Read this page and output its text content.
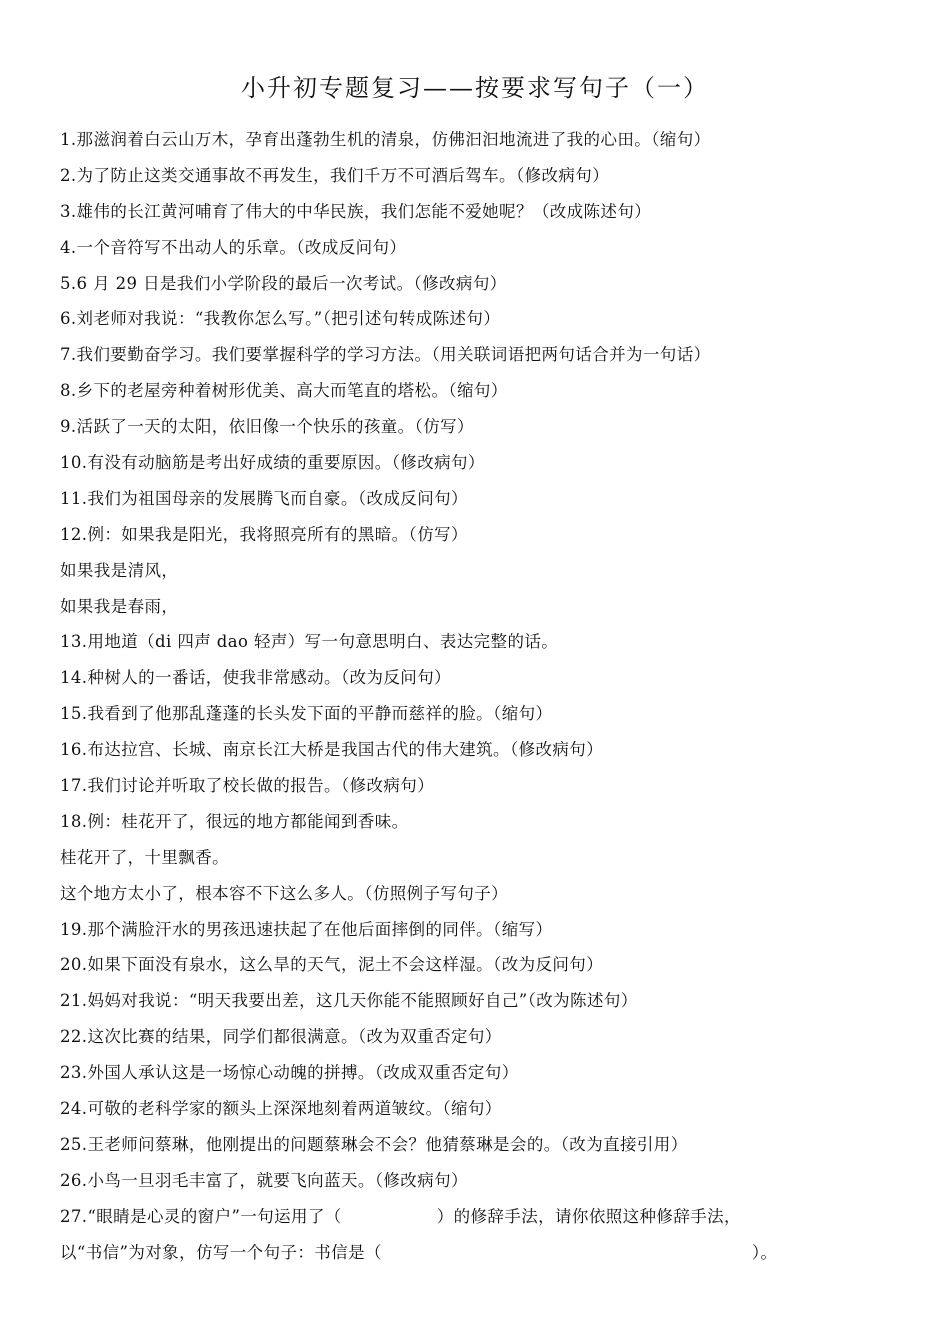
小升初专题复习——按要求写句子（一）
1.那滋润着白云山万木，孕育出蓬勃生机的清泉，仿佛汩汩地流进了我的心田。（缩句）
2.为了防止这类交通事故不再发生，我们千万不可酒后驾车。（修改病句）
3.雄伟的长江黄河哺育了伟大的中华民族，我们怎能不爱她呢？（改成陈述句）
4.一个音符写不出动人的乐章。（改成反问句）
5.6 月 29 日是我们小学阶段的最后一次考试。（修改病句）
6.刘老师对我说：“我教你怎么写。”（把引述句转成陈述句）
7.我们要勤奋学习。我们要掌握科学的学习方法。（用关联词语把两句话合并为一句话）
8.乡下的老屋旁种着树形优美、高大而笔直的塔松。（缩句）
9.活跃了一天的太阳，依旧像一个快乐的孩童。（仿写）
10.有没有动脑筋是考出好成绩的重要原因。（修改病句）
11.我们为祖国母亲的发展腾飞而自豪。（改成反问句）
12.例：如果我是阳光，我将照亮所有的黑暗。（仿写）
如果我是清风，
如果我是春雨，
13.用地道（di 四声 dao 轻声）写一句意思明白、表达完整的话。
14.种树人的一番话，使我非常感动。（改为反问句）
15.我看到了他那乱蓬蓬的长头发下面的平静而慈祥的脸。（缩句）
16.布达拉宫、长城、南京长江大桥是我国古代的伟大建筑。（修改病句）
17.我们讨论并听取了校长做的报告。（修改病句）
18.例：桂花开了，很远的地方都能闻到香味。
桂花开了，十里飘香。
这个地方太小了，根本容不下这么多人。（仿照例子写句子）
19.那个满脸汗水的男孩迅速扶起了在他后面摔倒的同伴。（缩写）
20.如果下面没有泉水，这么旱的天气，泥土不会这样湿。（改为反问句）
21.妈妈对我说：“明天我要出差，这几天你能不能照顾好自己”（改为陈述句）
22.这次比赛的结果，同学们都很满意。（改为双重否定句）
23.外国人承认这是一场惊心动魄的拼搏。（改成双重否定句）
24.可敬的老科学家的额头上深深地刻着两道皱纹。（缩句）
25.王老师问蔡琳，他刚提出的问题蔡琳会不会？他猜蔡琳是会的。（改为直接引用）
26.小鸟一旦羽毛丰富了，就要飞向蓝天。（修改病句）
27.“眼睛是心灵的窗户”一句运用了（	）的修辞手法，请你依照这种修辞手法，
以“书信”为对象，仿写一个句子：书信是（	）。
